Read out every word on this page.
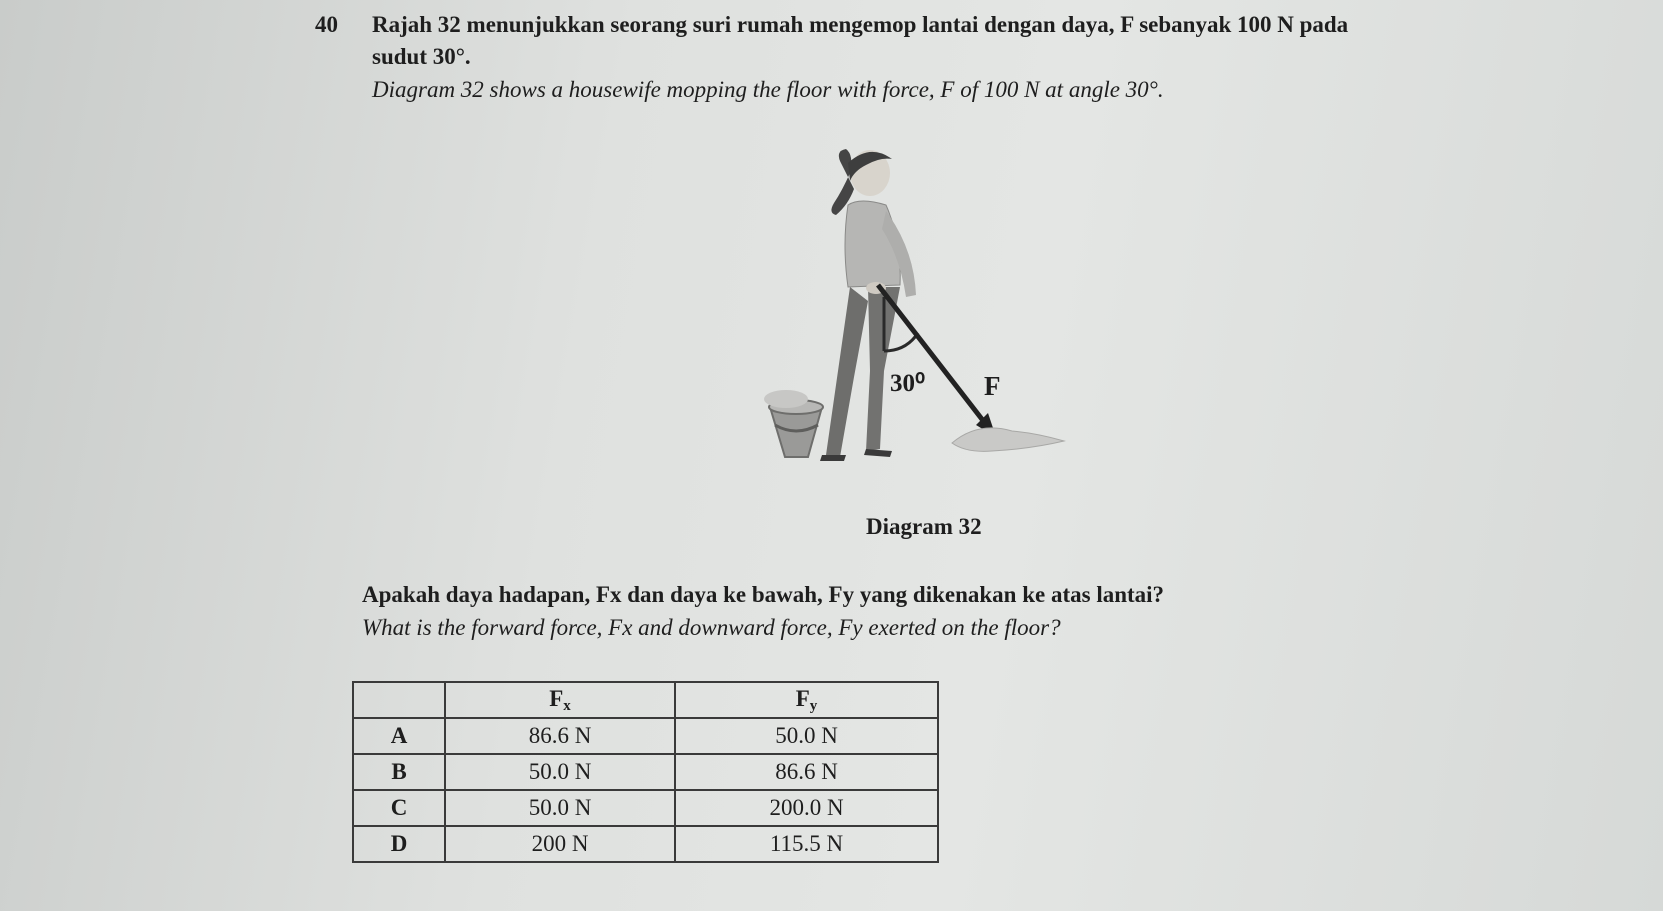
40 Rajah 32 menunjukkan seorang suri rumah mengemop lantai dengan daya, F sebanyak 100 N pada
sudut 30°.
Diagram 32 shows a housewife mopping the floor with force, F of 100 N at angle 30°.
30⁰ F
Diagram 32
Apakah daya hadapan, Fx dan daya ke bawah, Fy yang dikenakan ke atas lantai?
What is the forward force, Fx and downward force, Fy exerted on the floor?
	$F_x$	$F_y$
A	86.6 N	50.0 N
B	50.0 N	86.6 N
C	50.0 N	200.0 N
D	200 N	115.5 N
